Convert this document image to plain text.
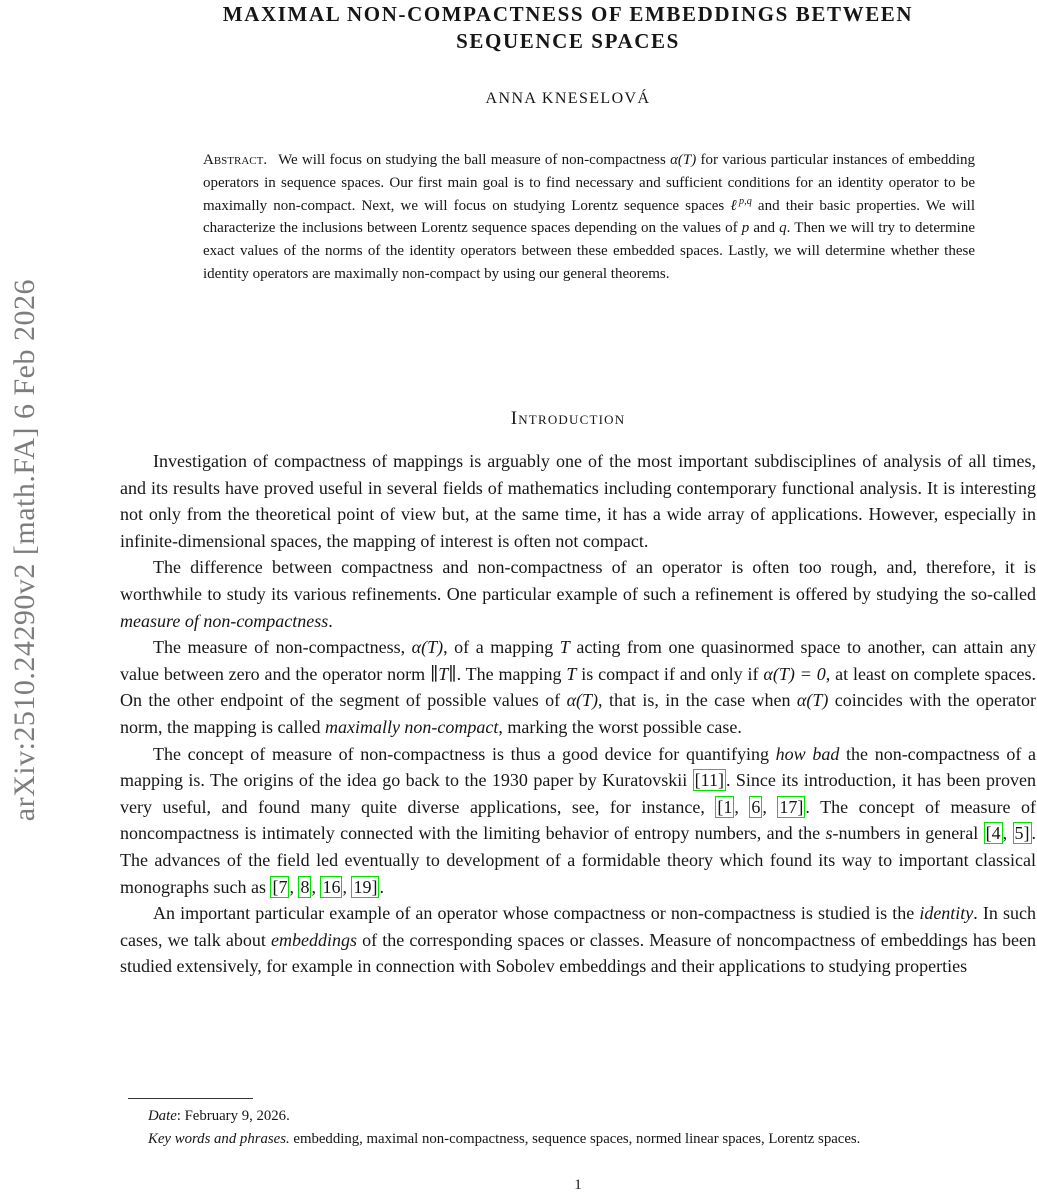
arXiv:2510.24290v2 [math.FA] 6 Feb 2026
MAXIMAL NON-COMPACTNESS OF EMBEDDINGS BETWEEN
SEQUENCE SPACES
ANNA KNESELOVÁ

Abstract. We will focus on studying the ball measure of non-compactness α(T) for various particular instances of embedding operators in sequence spaces. Our first main goal is to find necessary and sufficient conditions for an identity operator to be maximally non-compact. Next, we will focus on studying Lorentz sequence spaces ℓ$^{p,q}$ and their basic properties. We will characterize the inclusions between Lorentz sequence spaces depending on the values of p and q. Then we will try to determine exact values of the norms of the identity operators between these embedded spaces. Lastly, we will determine whether these identity operators are maximally non-compact by using our general theorems.

Introduction

Investigation of compactness of mappings is arguably one of the most important subdisciplines of analysis of all times, and its results have proved useful in several fields of mathematics including contemporary functional analysis. It is interesting not only from the theoretical point of view but, at the same time, it has a wide array of applications. However, especially in infinite-dimensional spaces, the mapping of interest is often not compact.

The difference between compactness and non-compactness of an operator is often too rough, and, therefore, it is worthwhile to study its various refinements. One particular example of such a refinement is offered by studying the so-called measure of non-compactness.

The measure of non-compactness, α(T), of a mapping T acting from one quasinormed space to another, can attain any value between zero and the operator norm ∥T∥. The mapping T is compact if and only if α(T) = 0, at least on complete spaces. On the other endpoint of the segment of possible values of α(T), that is, in the case when α(T) coincides with the operator norm, the mapping is called maximally non-compact, marking the worst possible case.

The concept of measure of non-compactness is thus a good device for quantifying how bad the non-compactness of a mapping is. The origins of the idea go back to the 1930 paper by Kuratovskii [11] . Since its introduction, it has been proven very useful, and found many quite diverse applications, see, for instance, [1 , 6 , 17] . The concept of measure of noncompactness is intimately connected with the limiting behavior of entropy numbers, and the s-numbers in general [4 , 5] . The advances of the field led eventually to development of a formidable theory which found its way to important classical monographs such as [7 , 8 , 16 , 19] .

An important particular example of an operator whose compactness or non-compactness is studied is the identity. In such cases, we talk about embeddings of the corresponding spaces or classes. Measure of noncompactness of embeddings has been studied extensively, for example in connection with Sobolev embeddings and their applications to studying properties

Date: February 9, 2026.

Key words and phrases. embedding, maximal non-compactness, sequence spaces, normed linear spaces, Lorentz spaces.

1
